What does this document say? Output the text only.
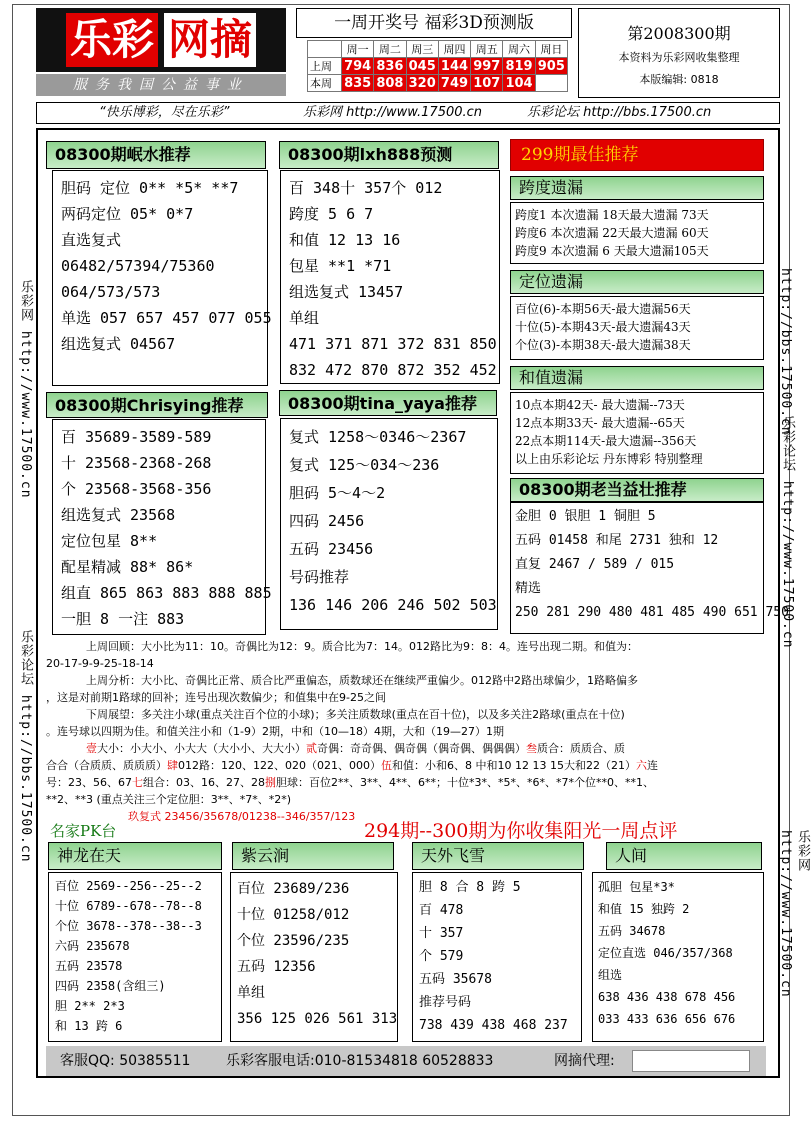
乐彩 网摘
服务我国公益事业
一周开奖号 福彩3D预测版
	周一	周二	周三	周四	周五	周六	周日
上周	794	836	045	144	997	819	905
本周	835	808	320	749	107	104	
第2008300期
本资料为乐彩网收集整理
本版编辑: 0818
“快乐博彩，尽在乐彩”	乐彩网 http://www.17500.cn	乐彩论坛 http://bbs.17500.cn
乐彩网 http://www.17500.cn
乐彩论坛 http://bbs.17500.cn
http://bbs.17500.cn
乐彩论坛 http://www.17500.cn
乐彩网 http://www.17500.cn
08300期岷水推荐
胆码 定位 0** *5* **7
两码定位 05* 0*7
直选复式
06482/57394/75360
064/573/573
单选 057 657 457 077 055
组选复式 04567
08300期lxh888预测
百 348十 357个 012
跨度 5 6 7
和值 12 13 16
包星 **1 *71
组选复式 13457
单组
471 371 871 372 831 850
832 472 870 872 352 452
08300期Chrisying推荐
百 35689-3589-589
十 23568-2368-268
个 23568-3568-356
组选复式 23568
定位包星 8**
配星精减 88* 86*
组直 865 863 883 888 885
一胆 8 一注 883
08300期tina_yaya推荐
复式 1258～0346～2367
复式 125～034～236
胆码 5～4～2
四码 2456
五码 23456
号码推荐
136 146 206 246 502 503
299期最佳推荐
跨度遗漏
跨度1 本次遗漏 18天最大遗漏 73天
跨度6 本次遗漏 22天最大遗漏 60天
跨度9 本次遗漏 6 天最大遗漏105天
定位遗漏
百位(6)-本期56天-最大遗漏56天
十位(5)-本期43天-最大遗漏43天
个位(3)-本期38天-最大遗漏38天
和值遗漏
10点本期42天- 最大遗漏--73天
12点本期33天- 最大遗漏--65天
22点本期114天-最大遗漏--356天
以上由乐彩论坛 丹东博彩 特别整理
08300期老当益壮推荐
金胆 0 银胆 1 铜胆 5
五码 01458 和尾 2731 独和 12
直复 2467 / 589 / 015
精选
250 281 290 480 481 485 490 651 750
上周回顾：大小比为11：10。奇偶比为12：9。质合比为7：14。012路比为9：8：4。连号出现二期。和值为：
20-17-9-9-25-18-14
上周分析：大小比、奇偶比正常、质合比严重偏态，质数球还在继续严重偏少。012路中2路出球偏少，1路略偏多
，这是对前期1路球的回补；连号出现次数偏少；和值集中在9-25之间
下周展望：多关注小球(重点关注百个位的小球)；多关注质数球(重点在百十位)，以及多关注2路球(重点在十位)
。连号球以四期为佳。和值关注小和（1-9）2期，中和（10—18）4期，大和（19—27）1期
壹大小：小大小、小大大（大小小、大大小）贰奇偶：奇奇偶、偶奇偶（偶奇偶、偶偶偶）叁质合：质质合、质
合合（合质质、质质质）肆012路：120、122、020（021、000）伍和值：小和6、8 中和10 12 13 15大和22（21）六连
号：23、56、67七组合：03、16、27、28捌胆球：百位2**、3**、4**、6**；十位*3*、*5*、*6*、*7*个位**0、**1、
**2、**3 (重点关注三个定位胆：3**、*7*、*2*)
玖复式 23456/35678/01238--346/357/123
名家PK台	294期--300期为你收集阳光一周点评
神龙在天
百位 2569--256--25--2
十位 6789--678--78--8
个位 3678--378--38--3
六码 235678
五码 23578
四码 2358(含组三)
胆 2** 2*3
和 13 跨 6
紫云涧
百位 23689/236
十位 01258/012
个位 23596/235
五码 12356
单组
356 125 026 561 313
天外飞雪
胆 8 合 8 跨 5
百 478
十 357
个 579
五码 35678
推荐号码
738 439 438 468 237
人间
孤胆 包星*3*
和值 15 独跨 2
五码 34678
定位直选 046/357/368
组选
638 436 438 678 456
033 433 636 656 676
客服QQ: 50385511	乐彩客服电话:010-81534818 60528833	网摘代理:
